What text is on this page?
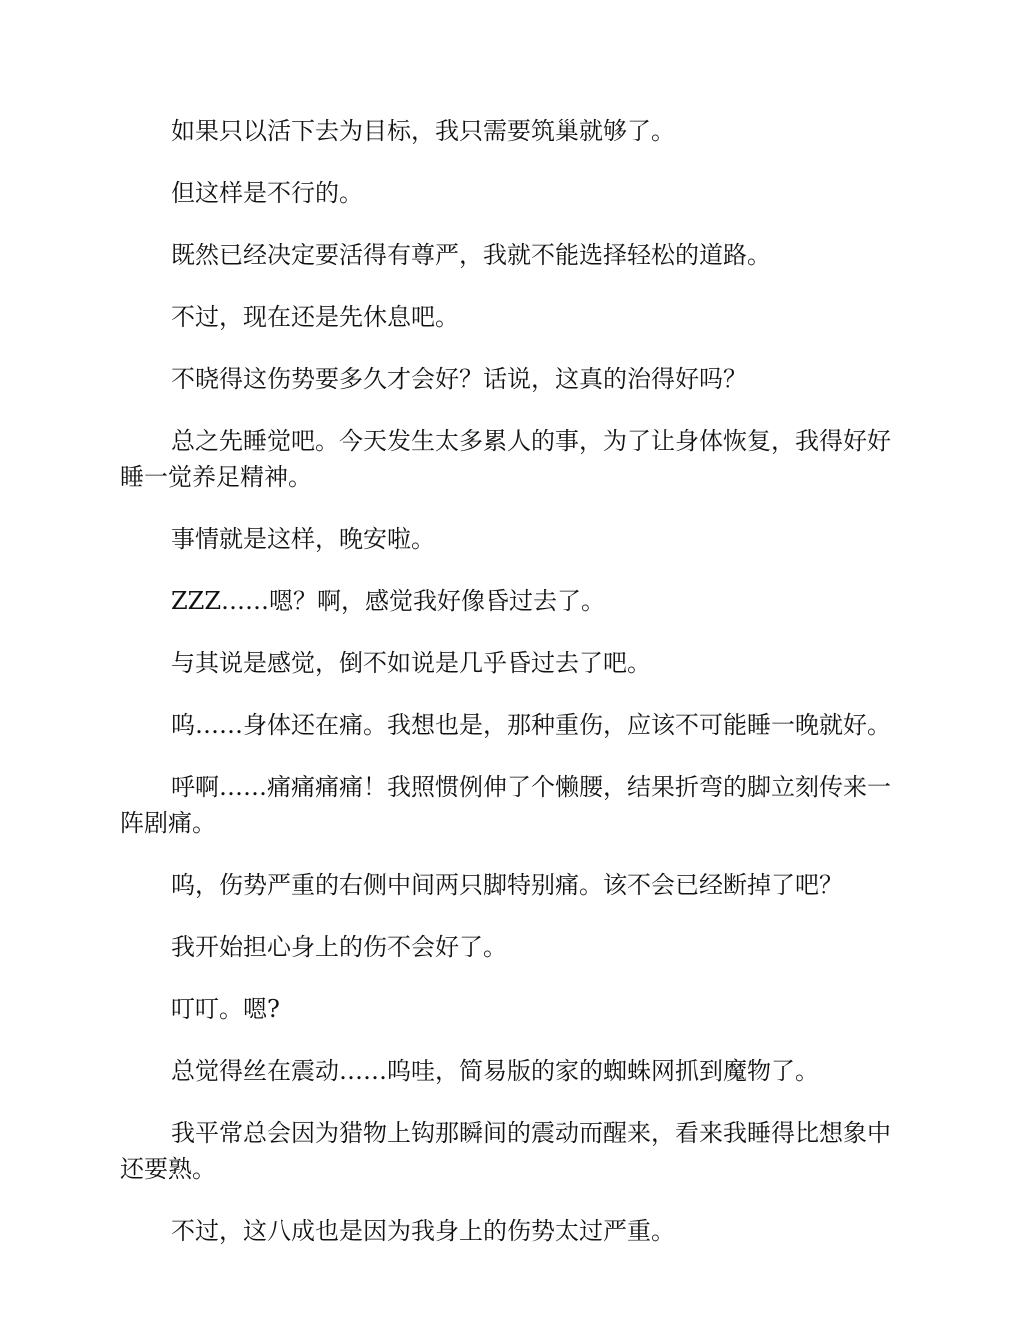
如果只以活下去为目标，我只需要筑巢就够了。

但这样是不行的。

既然已经决定要活得有尊严，我就不能选择轻松的道路。

不过，现在还是先休息吧。

不晓得这伤势要多久才会好？话说，这真的治得好吗？

总之先睡觉吧。今天发生太多累人的事，为了让身体恢复，我得好好睡一觉养足精神。

事情就是这样，晚安啦。

ZZZ……嗯？啊，感觉我好像昏过去了。

与其说是感觉，倒不如说是几乎昏过去了吧。

呜……身体还在痛。我想也是，那种重伤，应该不可能睡一晚就好。

呼啊……痛痛痛痛！我照惯例伸了个懒腰，结果折弯的脚立刻传来一阵剧痛。

呜，伤势严重的右侧中间两只脚特别痛。该不会已经断掉了吧？

我开始担心身上的伤不会好了。

叮叮。嗯?

总觉得丝在震动……呜哇，简易版的家的蜘蛛网抓到魔物了。

我平常总会因为猎物上钩那瞬间的震动而醒来，看来我睡得比想象中还要熟。

不过，这八成也是因为我身上的伤势太过严重。
